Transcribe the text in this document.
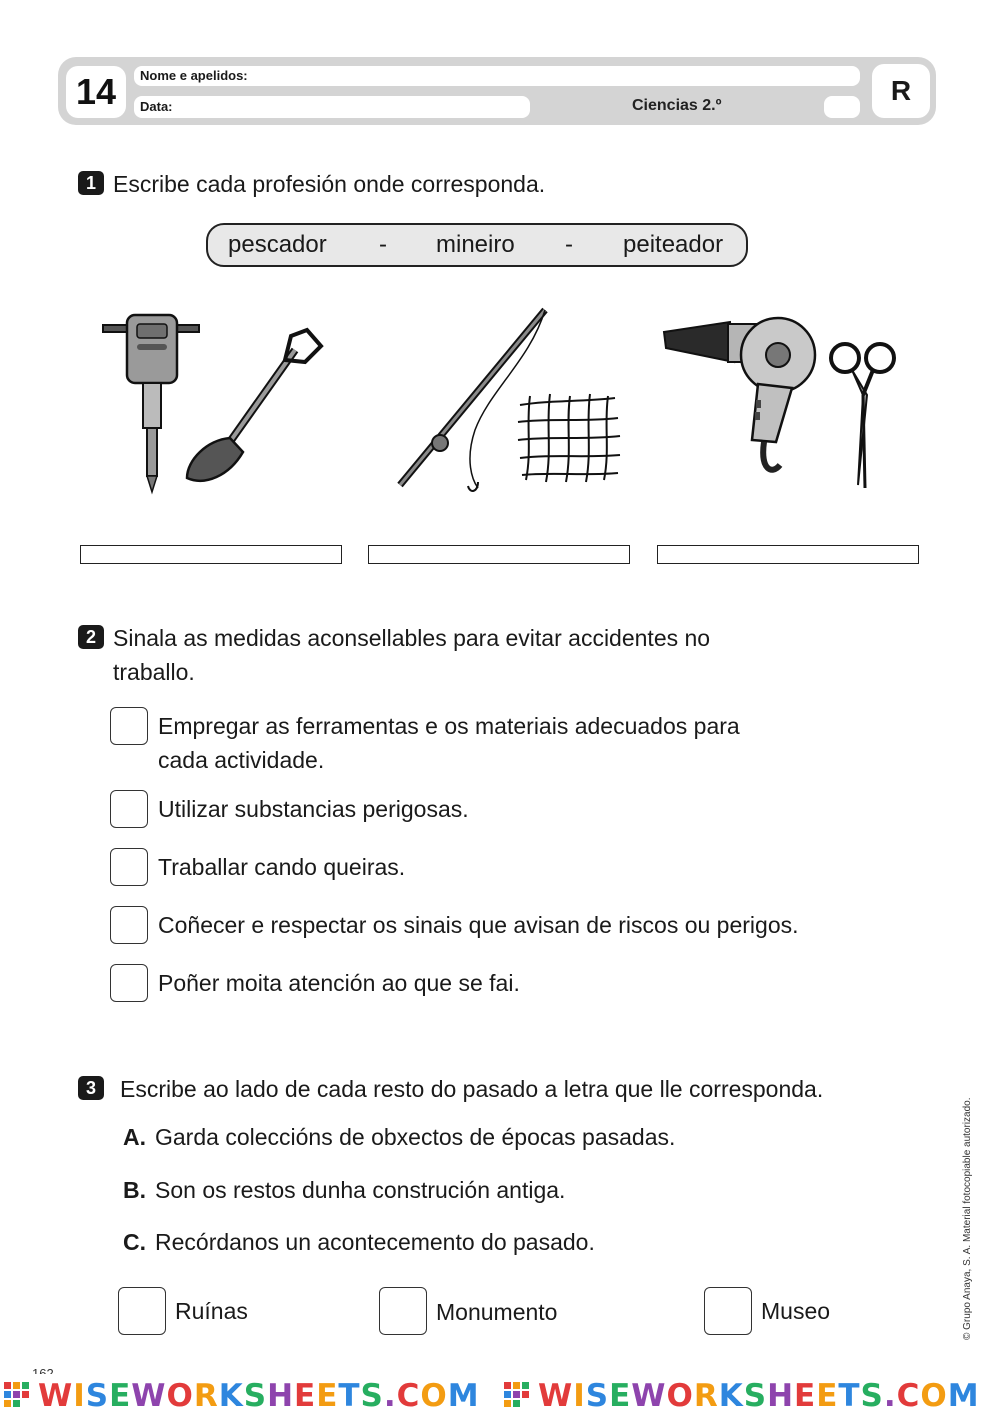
14	Nome e apelidos:
Data:	Ciencias 2.º	R
1 Escribe cada profesión onde corresponda.
pescador - mineiro - peiteador
2 Sinala as medidas aconsellables para evitar accidentes no
traballo.
Empregar as ferramentas e os materiais adecuados para
cada actividade.
Utilizar substancias perigosas.
Traballar cando queiras.
Coñecer e respectar os sinais que avisan de riscos ou perigos.
Poñer moita atención ao que se fai.
3	Escribe ao lado de cada resto do pasado a letra que lle corresponda.
A. Garda coleccións de obxectos de épocas pasadas.
B. Son os restos dunha construción antiga.
C. Recórdanos un acontecemento do pasado.
Ruínas	Monumento	Museo	© Grupo Anaya, S. A. Material fotocopiable autorizado.
WISEWORKSHEETS.COM WISEWORKSHEETS.COM
